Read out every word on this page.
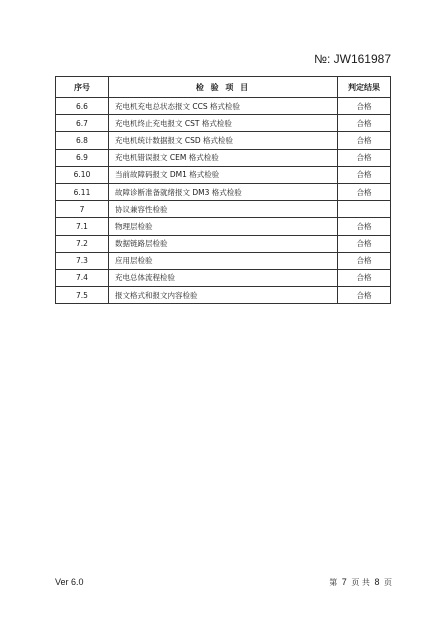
№: JW161987
序号	检 验 项 目	判定结果
6.6	充电机充电总状态报文 CCS 格式检验	合格
6.7	充电机终止充电报文 CST 格式检验	合格
6.8	充电机统计数据报文 CSD 格式检验	合格
6.9	充电机错误报文 CEM 格式检验	合格
6.10	当前故障码报文 DM1 格式检验	合格
6.11	故障诊断准备就绪报文 DM3 格式检验	合格
7	协议兼容性检验	
7.1	物理层检验	合格
7.2	数据链路层检验	合格
7.3	应用层检验	合格
7.4	充电总体流程检验	合格
7.5	报文格式和报文内容检验	合格
Ver 6.0	第 7 页 共 8 页
